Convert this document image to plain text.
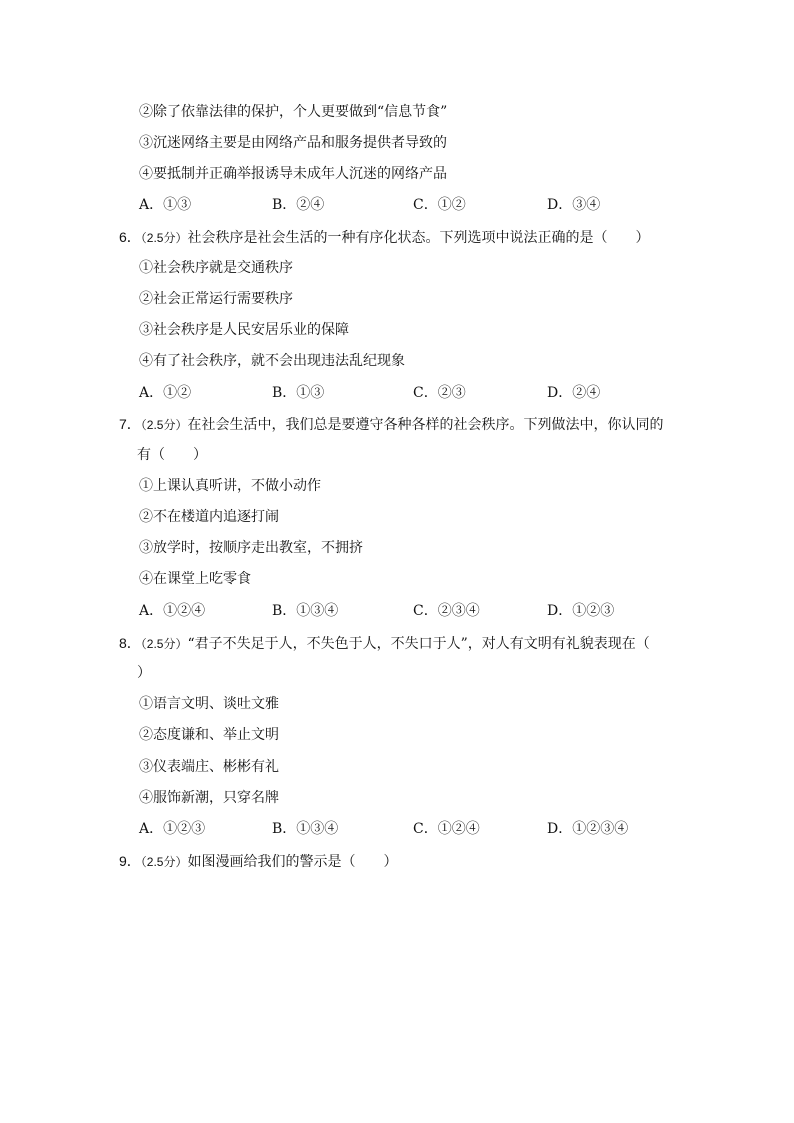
②除了依靠法律的保护，个人更要做到“信息节食”
③沉迷网络主要是由网络产品和服务提供者导致的
④要抵制并正确举报诱导未成年人沉迷的网络产品
A．①③	B．②④	C．①②	D．③④
6．（2.5分）社会秩序是社会生活的一种有序化状态。下列选项中说法正确的是（　　）
①社会秩序就是交通秩序
②社会正常运行需要秩序
③社会秩序是人民安居乐业的保障
④有了社会秩序，就不会出现违法乱纪现象
A．①②	B．①③	C．②③	D．②④
7．（2.5分）在社会生活中，我们总是要遵守各种各样的社会秩序。下列做法中，你认同的
有（　　）
①上课认真听讲，不做小动作
②不在楼道内追逐打闹
③放学时，按顺序走出教室，不拥挤
④在课堂上吃零食
A．①②④	B．①③④	C．②③④	D．①②③
8．（2.5分）“君子不失足于人，不失色于人，不失口于人”，对人有文明有礼貌表现在（
）
①语言文明、谈吐文雅
②态度谦和、举止文明
③仪表端庄、彬彬有礼
④服饰新潮，只穿名牌
A．①②③	B．①③④	C．①②④	D．①②③④
9．（2.5分）如图漫画给我们的警示是（　　）
